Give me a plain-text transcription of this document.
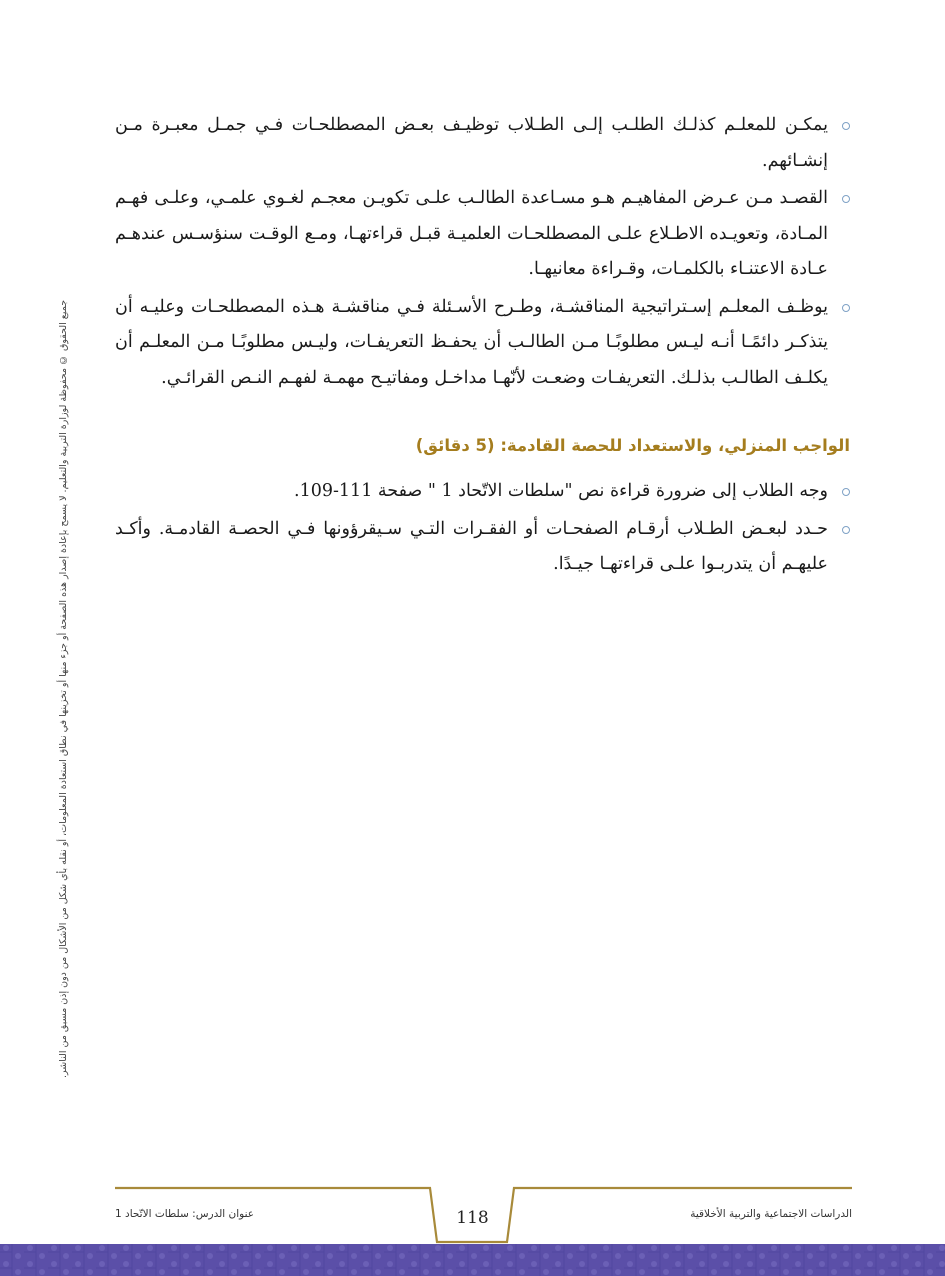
يمكـن للمعلـم كذلـك الطلـب إلـى الطـلاب توظيـف بعـض المصطلحـات فـي جمـل معبـرة مـن إنشـائهم.
القصـد مـن عـرض المفاهيـم هـو مسـاعدة الطالـب علـى تكويـن معجـم لغـوي علمـي، وعلـى فهـم المـادة، وتعويـده الاطـلاع علـى المصطلحـات العلميـة قبـل قراءتهـا، ومـع الوقـت سنؤسـس عندهـم عـادة الاعتنـاء بالكلمـات، وقـراءة معانيهـا.
يوظـف المعلـم إسـتراتيجية المناقشـة، وطـرح الأسـئلة فـي مناقشـة هـذه المصطلحـات وعليـه أن يتذكـر دائمًـا أنـه ليـس مطلوبًـا مـن الطالـب أن يحفـظ التعريفـات، وليـس مطلوبًـا مـن المعلـم أن يكلـف الطالـب بذلـك. التعريفـات وضعـت لأنّهـا مداخـل ومفاتيـح مهمـة لفهـم النـص القرائـي.
الواجب المنزلي، والاستعداد للحصة القادمة: (5 دقائق)
وجه الطلاب إلى ضرورة قراءة نص "سلطات الاتّحاد 1 " صفحة 111-109.
حـدد لبعـض الطـلاب أرقـام الصفحـات أو الفقـرات التـي سـيقرؤونها فـي الحصـة القادمـة. وأكـد عليهـم أن يتدربـوا علـى قراءتهـا جيـدًا.
جميع الحقوق © محفوظة لوزارة التربية والتعليم. لا يسمح بإعادة إصدار هذه الصفحة أو جزء منها أو تخزينها في نطاق استعادة المعلومات، أو نقله بأي شكل من الأشكال من دون إذن مسبق من الناشر.
118
عنوان الدرس: سلطات الاتّحاد 1	الدراسات الاجتماعية والتربية الأخلاقية
